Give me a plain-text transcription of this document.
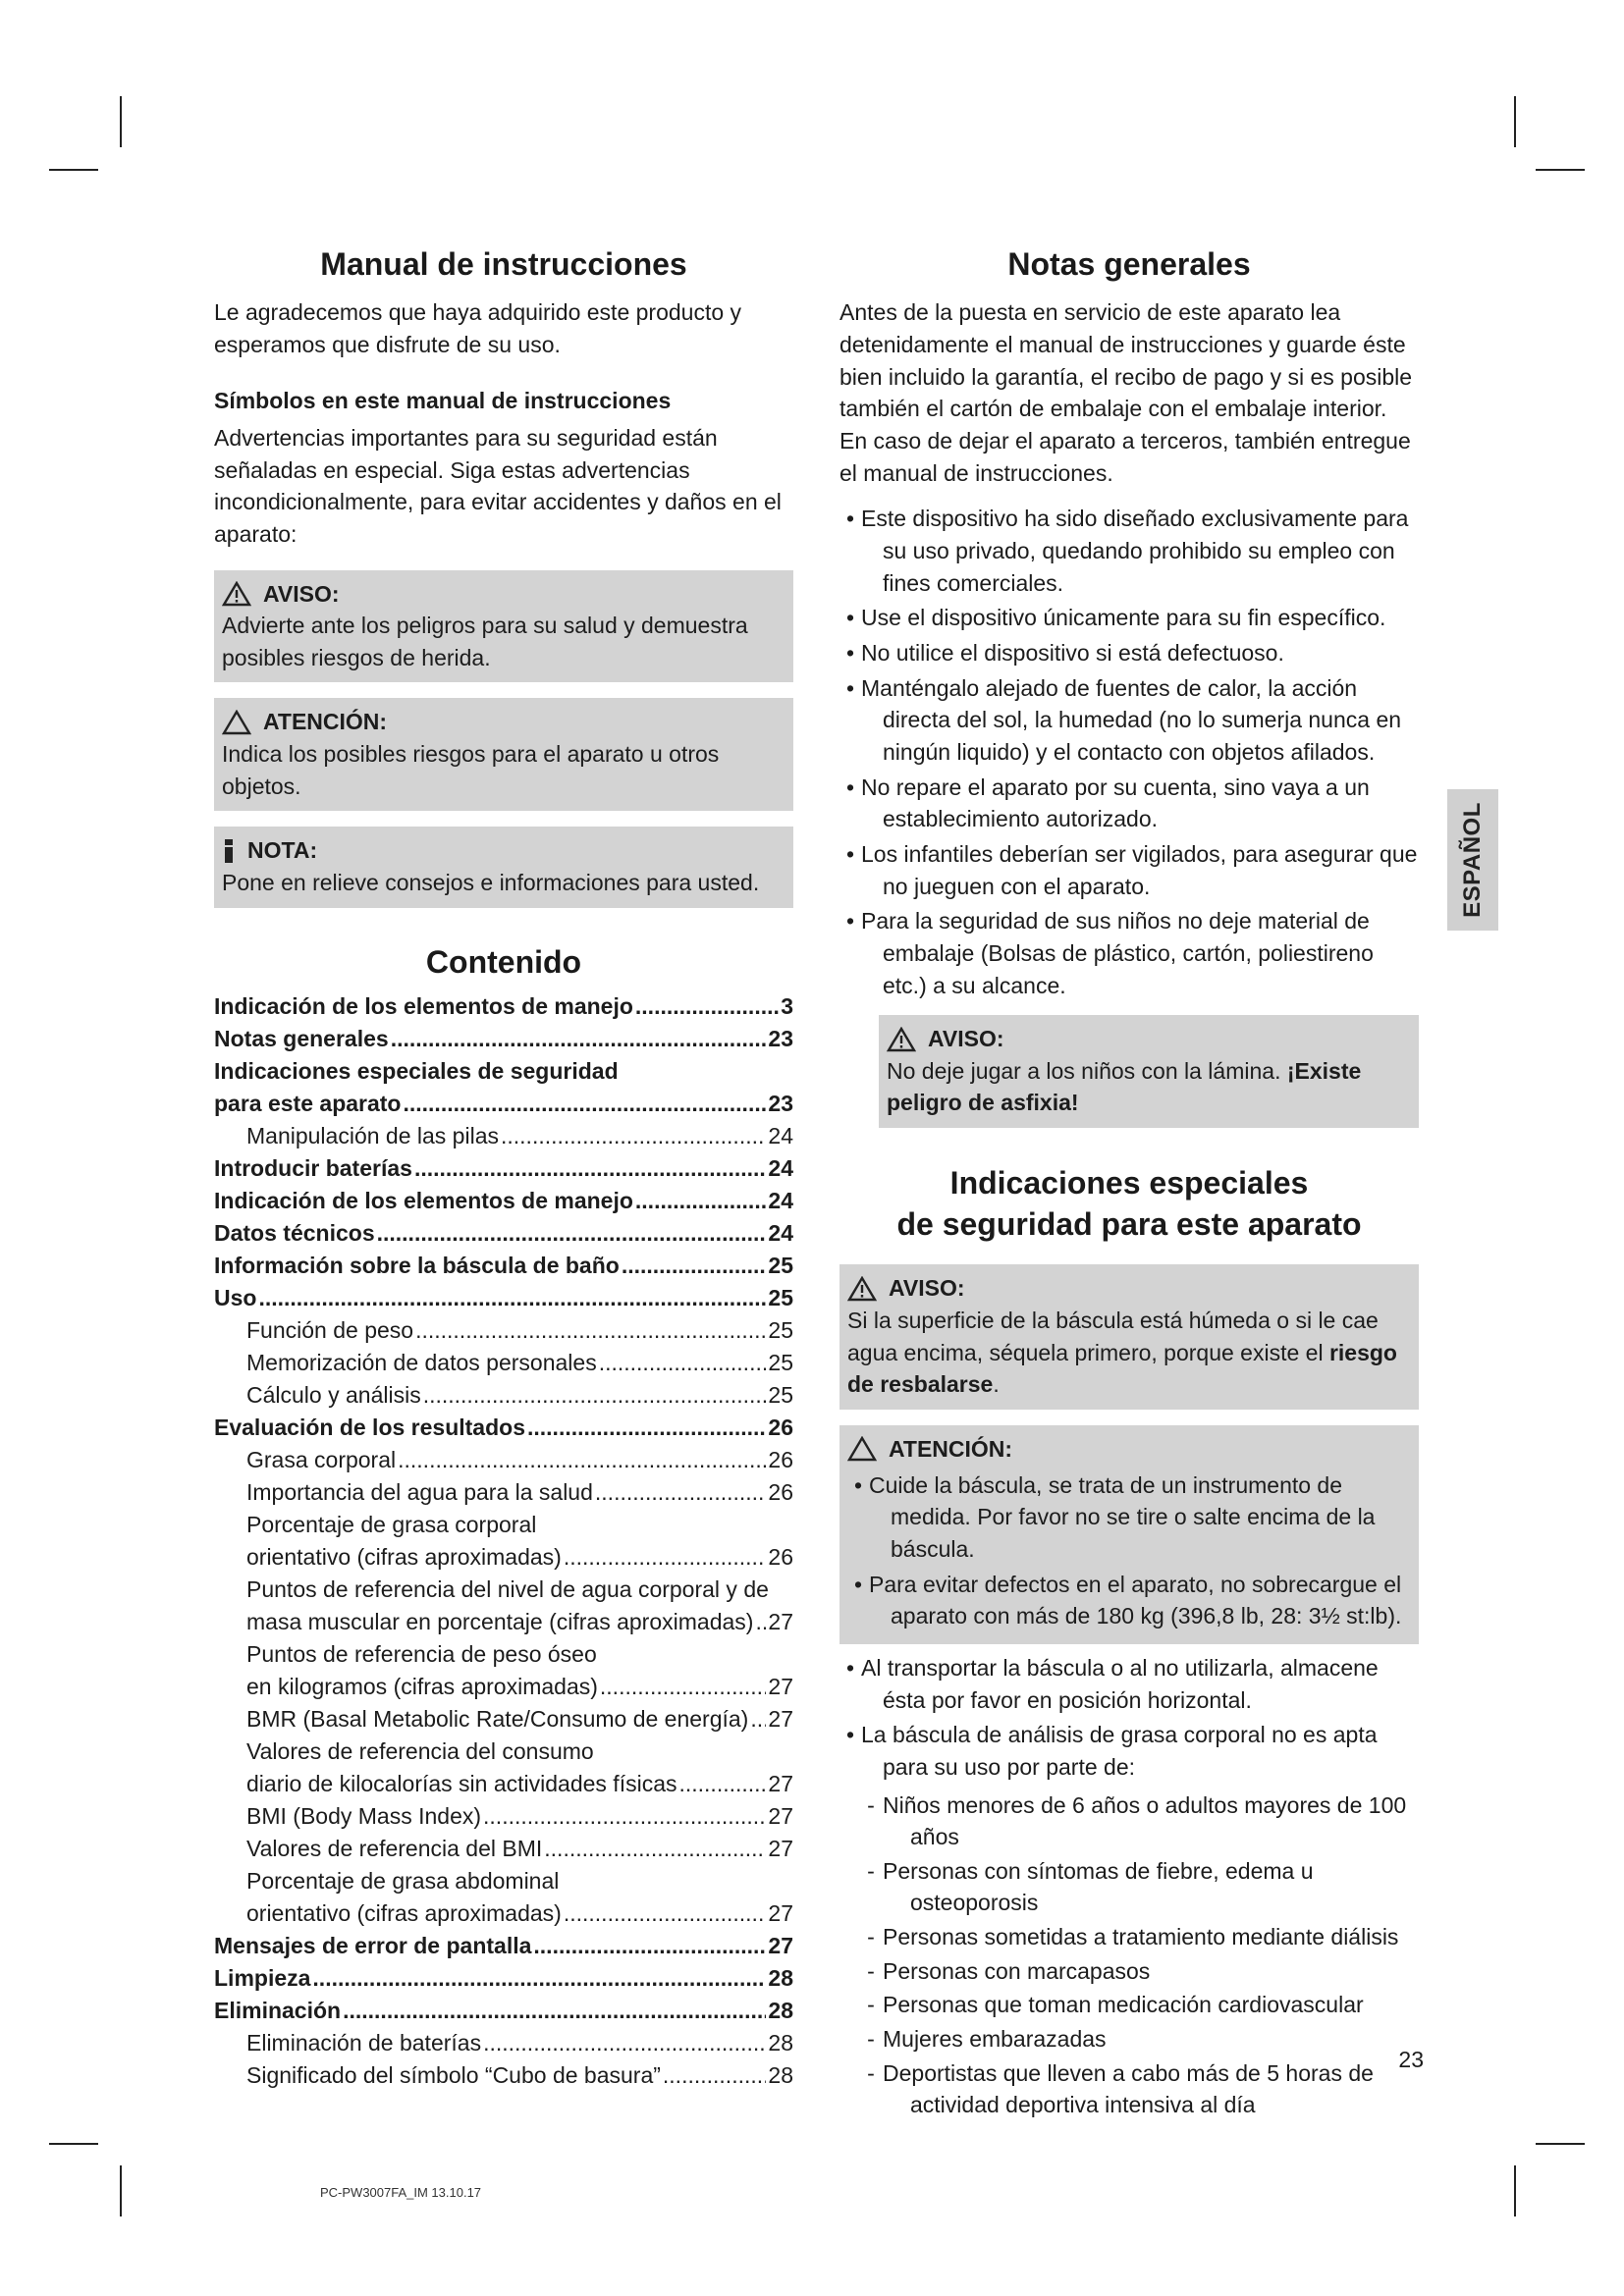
Manual de instrucciones

Le agradecemos que haya adquirido este producto y esperamos que disfrute de su uso.

Símbolos en este manual de instrucciones

Advertencias importantes para su seguridad están señaladas en especial. Siga estas advertencias incondicionalmente, para evitar accidentes y daños en el aparato:

AVISO:
Advierte ante los peligros para su salud y demuestra posibles riesgos de herida.
ATENCIÓN:
Indica los posibles riesgos para el aparato u otros objetos.
NOTA:
Pone en relieve consejos e informaciones para usted.
Contenido
Indicación de los elementos de manejo .....	3
Notas generales .....	23
Indicaciones especiales de seguridad
para este aparato .....	23
Manipulación de las pilas .....	24
Introducir baterías .....	24
Indicación de los elementos de manejo .....	24
Datos técnicos .....	24
Información sobre la báscula de baño .....	25
Uso .....	25
Función de peso .....	25
Memorización de datos personales .....	25
Cálculo y análisis .....	25
Evaluación de los resultados .....	26
Grasa corporal .....	26
Importancia del agua para la salud .....	26
Porcentaje de grasa corporal
orientativo (cifras aproximadas) .....	26
Puntos de referencia del nivel de agua corporal y de
masa muscular en porcentaje (cifras aproximadas) ..... 27
Puntos de referencia de peso óseo
en kilogramos (cifras aproximadas) .....	27
BMR (Basal Metabolic Rate/Consumo de energía) ..... 27
Valores de referencia del consumo
diario de kilocalorías sin actividades físicas .....	27
BMI (Body Mass Index) .....	27
Valores de referencia del BMI .....	27
Porcentaje de grasa abdominal
orientativo (cifras aproximadas) .....	27
Mensajes de error de pantalla .....	27
Limpieza .....	28
Eliminación .....	28
Eliminación de baterías .....	28
Significado del símbolo “Cubo de basura” .....	28
Notas generales

Antes de la puesta en servicio de este aparato lea detenidamente el manual de instrucciones y guarde éste bien incluido la garantía, el recibo de pago y si es posible también el cartón de embalaje con el embalaje interior. En caso de dejar el aparato a terceros, también entregue el manual de instrucciones.

• Este dispositivo ha sido diseñado exclusivamente para su uso privado, quedando prohibido su empleo con fines comerciales.
• Use el dispositivo únicamente para su fin específico.
• No utilice el dispositivo si está defectuoso.
• Manténgalo alejado de fuentes de calor, la acción directa del sol, la humedad (no lo sumerja nunca en ningún liquido) y el contacto con objetos afilados.
• No repare el aparato por su cuenta, sino vaya a un establecimiento autorizado.
• Los infantiles deberían ser vigilados, para asegurar que no jueguen con el aparato.
• Para la seguridad de sus niños no deje material de embalaje (Bolsas de plástico, cartón, poliestireno etc.) a su alcance.
AVISO:
No deje jugar a los niños con la lámina. ¡Existe peligro de asfixia!
Indicaciones especiales
de seguridad para este aparato
AVISO:
Si la superficie de la báscula está húmeda o si le cae agua encima, séquela primero, porque existe el riesgo de resbalarse.
ATENCIÓN:
• Cuide la báscula, se trata de un instrumento de medida. Por favor no se tire o salte encima de la báscula.
• Para evitar defectos en el aparato, no sobrecargue el aparato con más de 180 kg (396,8 lb, 28: 3½ st:lb).
• Al transportar la báscula o al no utilizarla, almacene ésta por favor en posición horizontal.
• La báscula de análisis de grasa corporal no es apta para su uso por parte de:
- Niños menores de 6 años o adultos mayores de 100 años
- Personas con síntomas de fiebre, edema u osteoporosis
- Personas sometidas a tratamiento mediante diálisis
- Personas con marcapasos
- Personas que toman medicación cardiovascular
- Mujeres embarazadas
- Deportistas que lleven a cabo más de 5 horas de actividad deportiva intensiva al día
ESPAÑOL
23
PC-PW3007FA_IM 13.10.17
